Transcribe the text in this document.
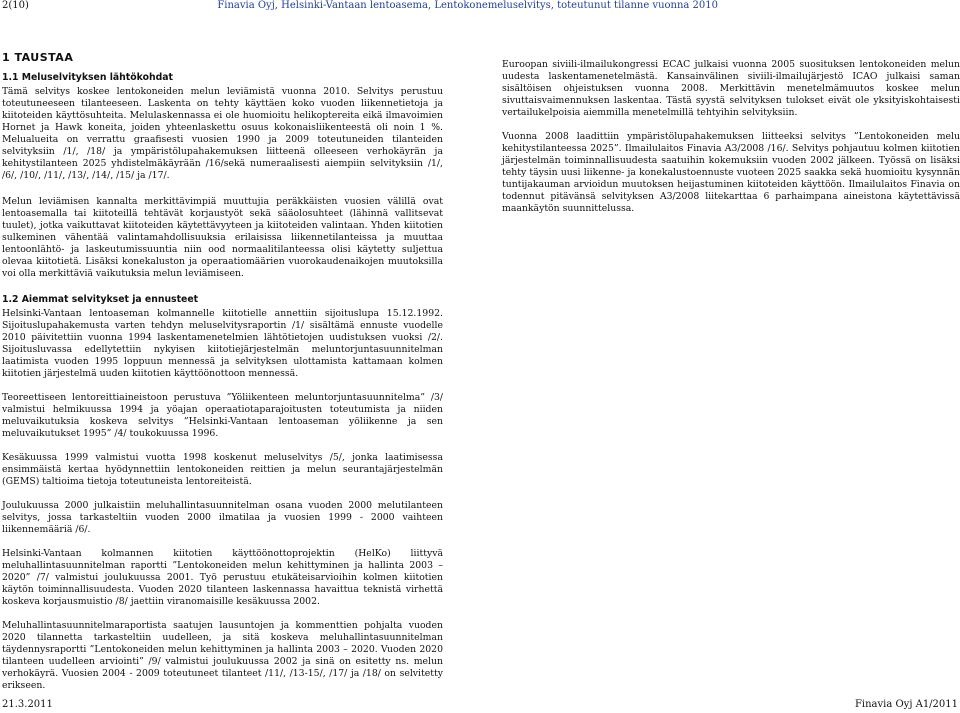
2(10)	Finavia Oyj, Helsinki-Vantaan lentoasema, Lentokonemeluselvitys, toteutunut tilanne vuonna 2010
1 TAUSTAA
1.1 Meluselvityksen lähtökohdat

Tämä selvitys koskee lentokoneiden melun leviämistä vuonna 2010. Selvitys perustuu toteutuneeseen tilanteeseen. Laskenta on tehty käyttäen koko vuoden liikennetietoja ja kiitoteiden käyttösuhteita. Melulaskennassa ei ole huomioitu helikoptereita eikä ilmavoimien Hornet ja Hawk koneita, joiden yhteenlaskettu osuus kokonaisliikenteestä oli noin 1 %. Melualueita on verrattu graafisesti vuosien 1990 ja 2009 toteutuneiden tilanteiden selvityksiin /1/, /18/ ja ympäristölupahakemuksen liitteenä olleeseen verhokäyrän ja kehitystilanteen 2025 yhdistelmäkäyrään /16/sekä numeraalisesti aiempiin selvityksiin /1/, /6/, /10/, /11/, /13/, /14/, /15/ ja /17/.

Melun leviämisen kannalta merkittävimpiä muuttujia peräkkäisten vuosien välillä ovat lentoasemalla tai kiitoteillä tehtävät korjaustyöt sekä sääolosuhteet (lähinnä vallitsevat tuulet), jotka vaikuttavat kiitoteiden käytettävyyteen ja kiitoteiden valintaan. Yhden kiitotien sulkeminen vähentää valintamahdollisuuksia erilaisissa liikennetilanteissa ja muuttaa lentoonlähtö- ja laskeutumissuuntia niin ood normaalitilanteessa olisi käytetty suljettua olevaa kiitotietä. Lisäksi konekaluston ja operaatiomäärien vuorokaudenaikojen muutoksilla voi olla merkittäviä vaikutuksia melun leviämiseen.

1.2 Aiemmat selvitykset ja ennusteet

Helsinki-Vantaan lentoaseman kolmannelle kiitotielle annettiin sijoituslupa 15.12.1992. Sijoituslupahakemusta varten tehdyn meluselvitysraportin /1/ sisältämä ennuste vuodelle 2010 päivitettiin vuonna 1994 laskentamenetelmien lähtötietojen uudistuksen vuoksi /2/. Sijoitusluvassa edellytettiin nykyisen kiitotiejärjestelmän meluntorjuntasuunnitelman laatimista vuoden 1995 loppuun mennessä ja selvityksen ulottamista kattamaan kolmen kiitotien järjestelmä uuden kiitotien käyttöönottoon mennessä.

Teoreettiseen lentoreittiaineistoon perustuva ”Yöliikenteen meluntorjuntasuunnitelma” /3/ valmistui helmikuussa 1994 ja yöajan operaatiotaparajoitusten toteutumista ja niiden meluvaikutuksia koskeva selvitys ”Helsinki-Vantaan lentoaseman yöliikenne ja sen meluvaikutukset 1995” /4/ toukokuussa 1996.

Kesäkuussa 1999 valmistui vuotta 1998 koskenut meluselvitys /5/, jonka laatimisessa ensimmäistä kertaa hyödynnettiin lentokoneiden reittien ja melun seurantajärjestelmän (GEMS) taltioima tietoja toteutuneista lentoreiteistä.

Joulukuussa 2000 julkaistiin meluhallintasuunnitelman osana vuoden 2000 melutilanteen selvitys, jossa tarkasteltiin vuoden 2000 ilmatilaa ja vuosien 1999 - 2000 vaihteen liikennemääriä /6/.

Helsinki-Vantaan kolmannen kiitotien käyttöönottoprojektin (HelKo) liittyvä meluhallintasuunnitelman raportti ”Lentokoneiden melun kehittyminen ja hallinta 2003 – 2020” /7/ valmistui joulukuussa 2001. Työ perustuu etukäteisarvioihin kolmen kiitotien käytön toiminnallisuudesta. Vuoden 2020 tilanteen laskennassa havaittua teknistä virhettä koskeva korjausmuistio /8/ jaettiin viranomaisille kesäkuussa 2002.

Meluhallintasuunnitelmaraportista saatujen lausuntojen ja kommenttien pohjalta vuoden 2020 tilannetta tarkasteltiin uudelleen, ja sitä koskeva meluhallintasuunnitelman täydennysraportti ”Lentokoneiden melun kehittyminen ja hallinta 2003 – 2020. Vuoden 2020 tilanteen uudelleen arviointi” /9/ valmistui joulukuussa 2002 ja sinä on esitetty ns. melun verhokäyrä. Vuosien 2004 - 2009 toteutuneet tilanteet /11/, /13-15/, /17/ ja /18/ on selvitetty erikseen.

Euroopan siviili-ilmailukongressi ECAC julkaisi vuonna 2005 suosituksen lentokoneiden melun uudesta laskentamenetelmästä. Kansainvälinen siviili-ilmailujärjestö ICAO julkaisi saman sisältöisen ohjeistuksen vuonna 2008. Merkittävin menetelmämuutos koskee melun sivuttaisvaimennuksen laskentaa. Tästä syystä selvityksen tulokset eivät ole yksityiskohtaisesti vertailukelpoisia aiemmilla menetelmillä tehtyihin selvityksiin.

Vuonna 2008 laadittiin ympäristölupahakemuksen liitteeksi selvitys ”Lentokoneiden melu kehitystilanteessa 2025”. Ilmailulaitos Finavia A3/2008 /16/. Selvitys pohjautuu kolmen kiitotien järjestelmän toiminnallisuudesta saatuihin kokemuksiin vuoden 2002 jälkeen. Työssä on lisäksi tehty täysin uusi liikenne- ja konekalustoennuste vuoteen 2025 saakka sekä huomioitu kysynnän tuntijakauman arvioidun muutoksen heijastuminen kiitoteiden käyttöön. Ilmailulaitos Finavia on todennut pitävänsä selvityksen A3/2008 liitekarttaa 6 parhaimpana aineistona käytettävissä maankäytön suunnittelussa.

21.3.2011	Finavia Oyj A1/2011
